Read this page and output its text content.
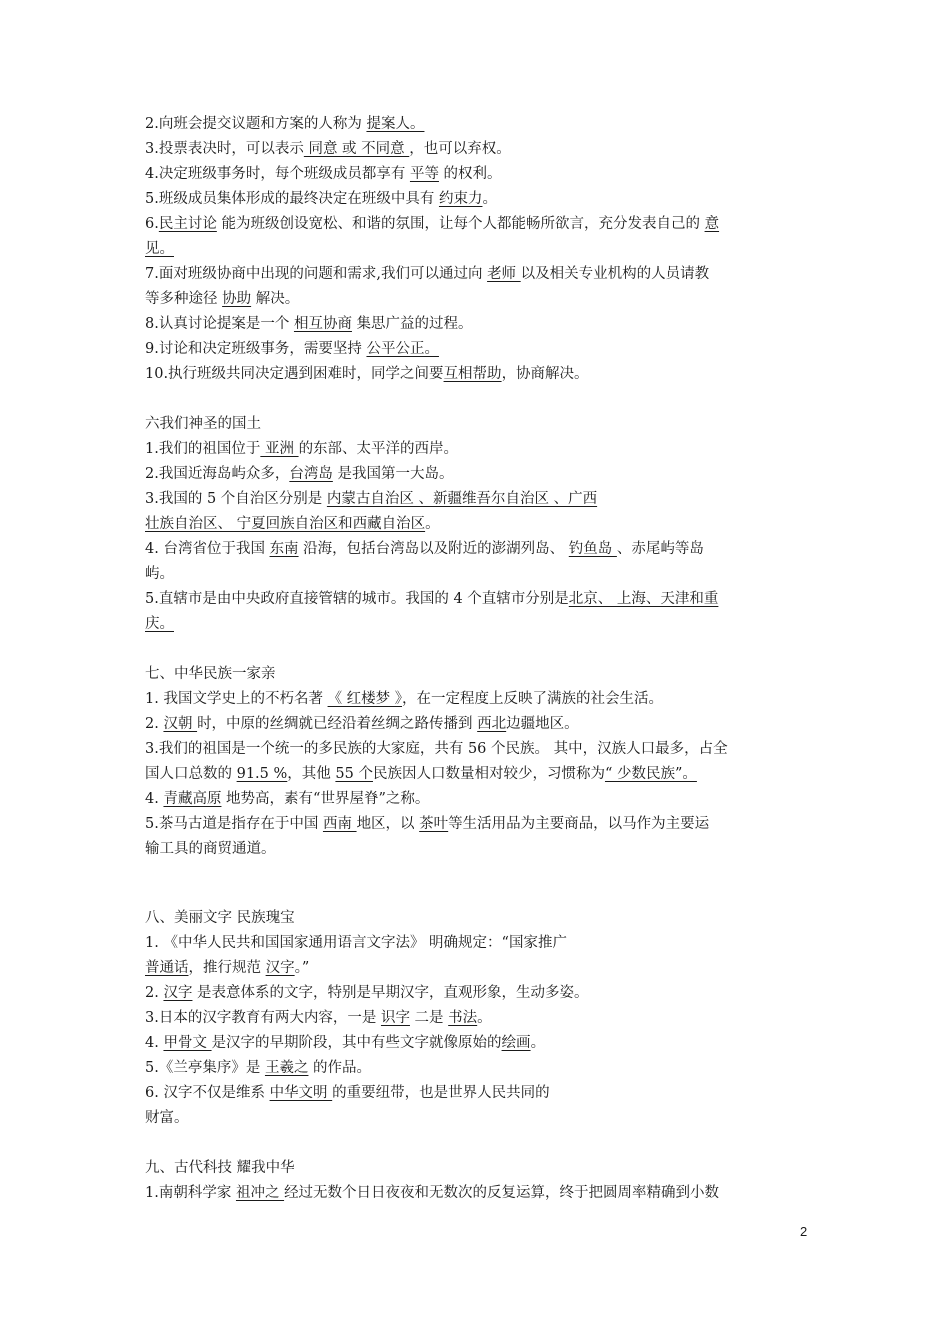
2.向班会提交议题和方案的人称为 提案人。
3.投票表决时，可以表示 同意 或 不同意 ，也可以弃权。
4.决定班级事务时，每个班级成员都享有 平等 的权利。
5.班级成员集体形成的最终决定在班级中具有 约束力。
6.民主讨论 能为班级创设宽松、和谐的氛围，让每个人都能畅所欲言，充分发表自己的 意
见。
7.面对班级协商中出现的问题和需求,我们可以通过向 老师 以及相关专业机构的人员请教
等多种途径 协助 解决。
8.认真讨论提案是一个 相互协商 集思广益的过程。
9.讨论和决定班级事务，需要坚持 公平公正。
10.执行班级共同决定遇到困难时，同学之间要互相帮助，协商解决。
六我们神圣的国土
1.我们的祖国位于 亚洲 的东部、太平洋的西岸。
2.我国近海岛屿众多，台湾岛 是我国第一大岛。
3.我国的 5 个自治区分别是 内蒙古自治区 、新疆维吾尔自治区 、广西
壮族自治区、 宁夏回族自治区和西藏自治区。
4. 台湾省位于我国 东南 沿海，包括台湾岛以及附近的澎湖列岛、 钓鱼岛 、赤尾屿等岛
屿。
5.直辖市是由中央政府直接管辖的城市。我国的 4 个直辖市分别是北京、 上海、天津和重
庆。
七、中华民族一家亲
1. 我国文学史上的不朽名著 《 红楼梦 》，在一定程度上反映了满族的社会生活。
2. 汉朝 时，中原的丝绸就已经沿着丝绸之路传播到 西北边疆地区。
3.我们的祖国是一个统一的多民族的大家庭，共有 56 个民族。 其中，汉族人口最多，占全
国人口总数的 91.5 %，其他 55 个民族因人口数量相对较少，习惯称为“ 少数民族”。
4. 青藏高原 地势高，素有“世界屋脊”之称。
5.茶马古道是指存在于中国 西南 地区，以 茶叶等生活用品为主要商品，以马作为主要运
输工具的商贸通道。
八、美丽文字 民族瑰宝
1. 《中华人民共和国国家通用语言文字法》 明确规定：“国家推广
普通话，推行规范 汉字。”
2. 汉字 是表意体系的文字，特别是早期汉字，直观形象，生动多姿。
3.日本的汉字教育有两大内容，一是 识字 二是 书法。
4. 甲骨文 是汉字的早期阶段，其中有些文字就像原始的绘画。
5.《兰亭集序》是 王羲之 的作品。
6. 汉字不仅是维系 中华文明 的重要纽带，也是世界人民共同的
财富。
九、古代科技 耀我中华
1.南朝科学家 祖冲之 经过无数个日日夜夜和无数次的反复运算，终于把圆周率精确到小数
2
